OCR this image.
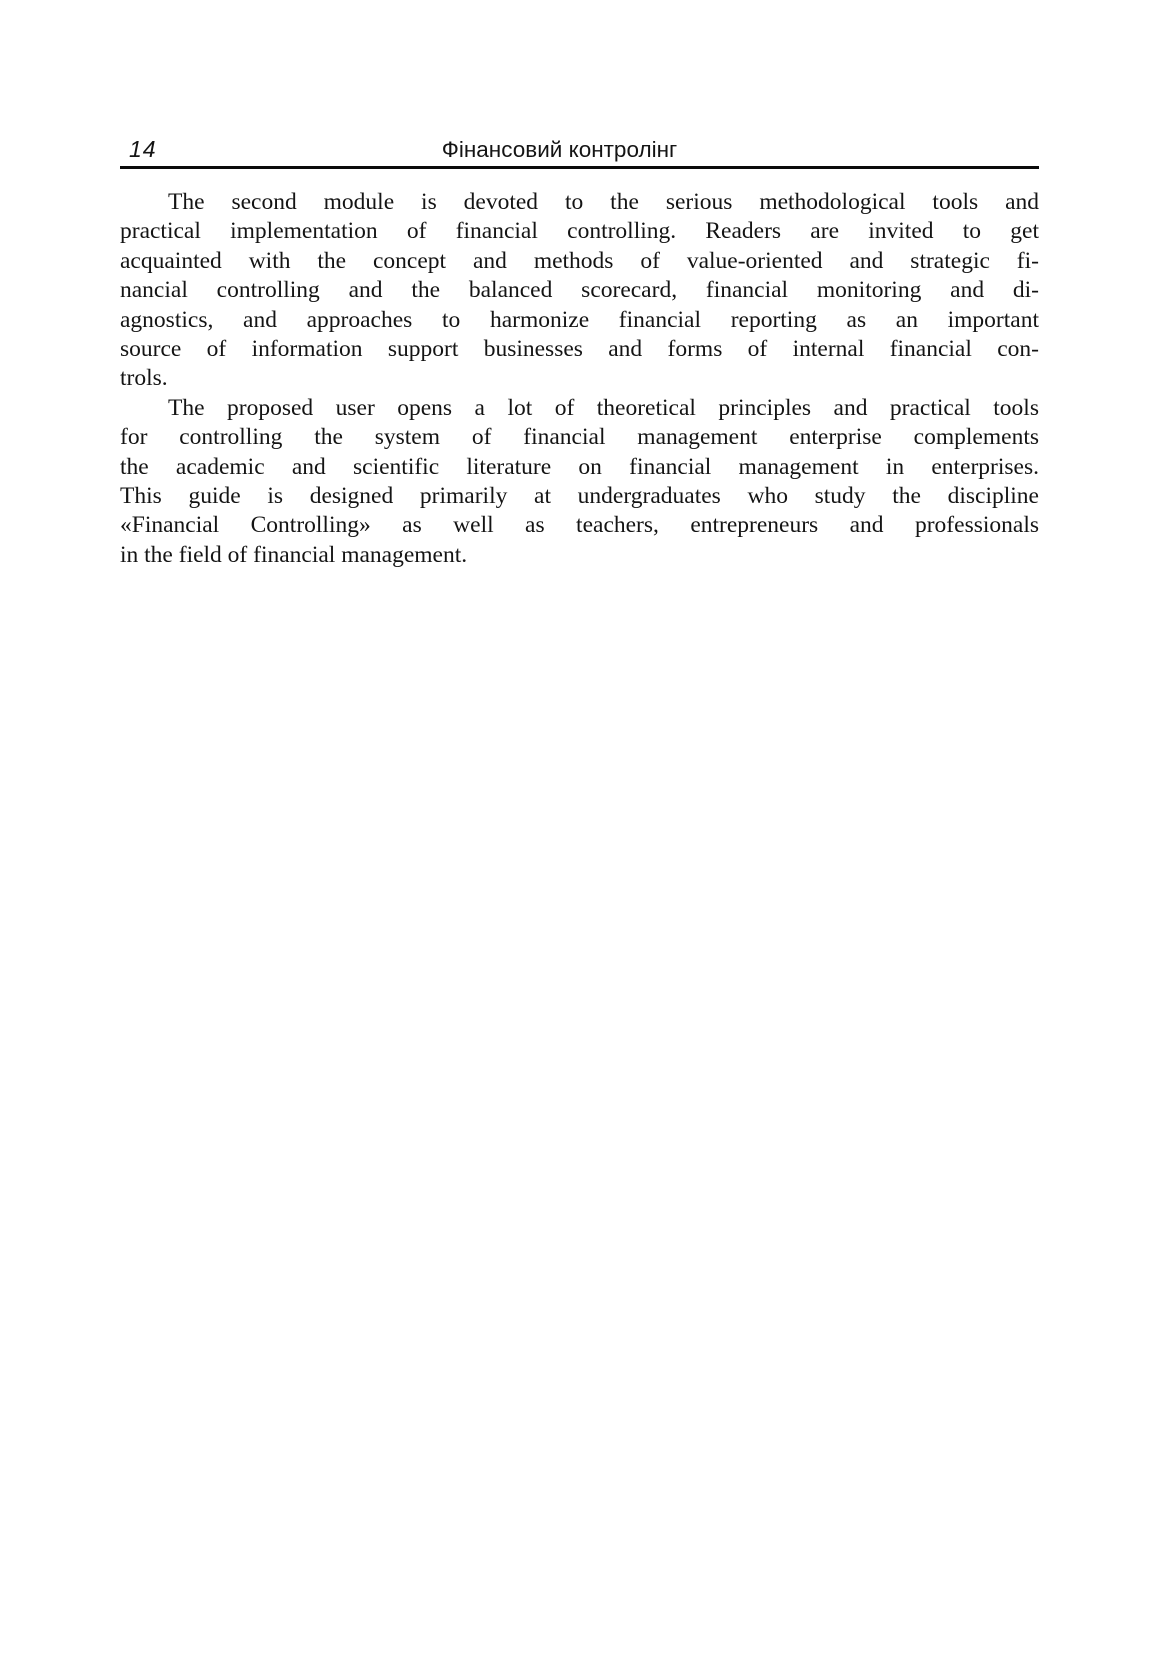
14	Фінансовий контролінг
The second module is devoted to the serious methodological tools and
practical implementation of financial controlling. Readers are invited to get
acquainted with the concept and methods of value-oriented and strategic fi-
nancial controlling and the balanced scorecard, financial monitoring and di-
agnostics, and approaches to harmonize financial reporting as an important
source of information support businesses and forms of internal financial con-
trols.
The proposed user opens a lot of theoretical principles and practical tools
for controlling the system of financial management enterprise complements
the academic and scientific literature on financial management in enterprises.
This guide is designed primarily at undergraduates who study the discipline
«Financial Controlling» as well as teachers, entrepreneurs and professionals
in the field of financial management.
